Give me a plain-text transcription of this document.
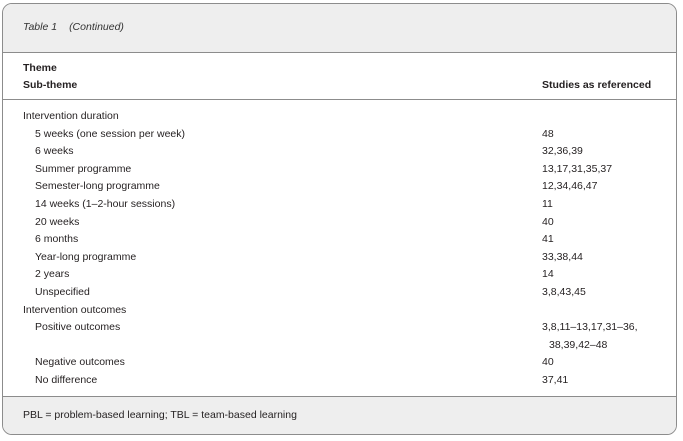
Table 1 (Continued)
Theme
Sub-theme	Studies as referenced
Intervention duration
5 weeks (one session per week)	48
6 weeks	32,36,39
Summer programme	13,17,31,35,37
Semester-long programme	12,34,46,47
14 weeks (1–2-hour sessions)	11
20 weeks	40
6 months	41
Year-long programme	33,38,44
2 years	14
Unspecified	3,8,43,45
Intervention outcomes
Positive outcomes	3,8,11–13,17,31–36,
38,39,42–48
Negative outcomes	40
No difference	37,41
PBL = problem-based learning; TBL = team-based learning
